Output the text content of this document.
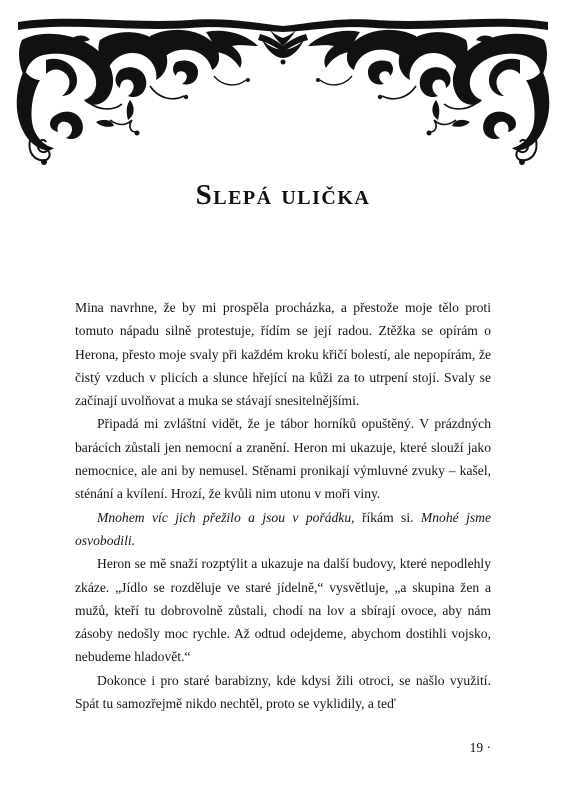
Slepá ulička

Mina navrhne, že by mi prospěla procházka, a přestože moje tělo proti tomuto nápadu silně protestuje, řídím se její radou. Ztěžka se opírám o Herona, přesto moje svaly při každém kroku křičí bolestí, ale nepopírám, že čistý vzduch v plicích a slunce hřející na kůži za to utrpení stojí. Svaly se začínají uvolňovat a muka se stávají snesitelnějšími.

Připadá mi zvláštní vidět, že je tábor horníků opuštěný. V prázdných barácích zůstali jen nemocní a zranění. Heron mi ukazuje, které slouží jako nemocnice, ale ani by nemusel. Stěnami pronikají výmluvné zvuky – kašel, sténání a kvílení. Hrozí, že kvůli nim utonu v moři viny.

Mnohem víc jich přežilo a jsou v pořádku, říkám si. Mnohé jsme osvobodili.

Heron se mě snaží rozptýlit a ukazuje na další budovy, které nepodlehly zkáze. „Jídlo se rozděluje ve staré jídelně,“ vysvětluje, „a skupina žen a mužů, kteří tu dobrovolně zůstali, chodí na lov a sbírají ovoce, aby nám zásoby nedošly moc rychle. Až odtud odejdeme, abychom dostihli vojsko, nebudeme hladovět.“

Dokonce i pro staré barabizny, kde kdysi žili otroci, se našlo využití. Spát tu samozřejmě nikdo nechtěl, proto se vyklidily, a teď

19 ·
